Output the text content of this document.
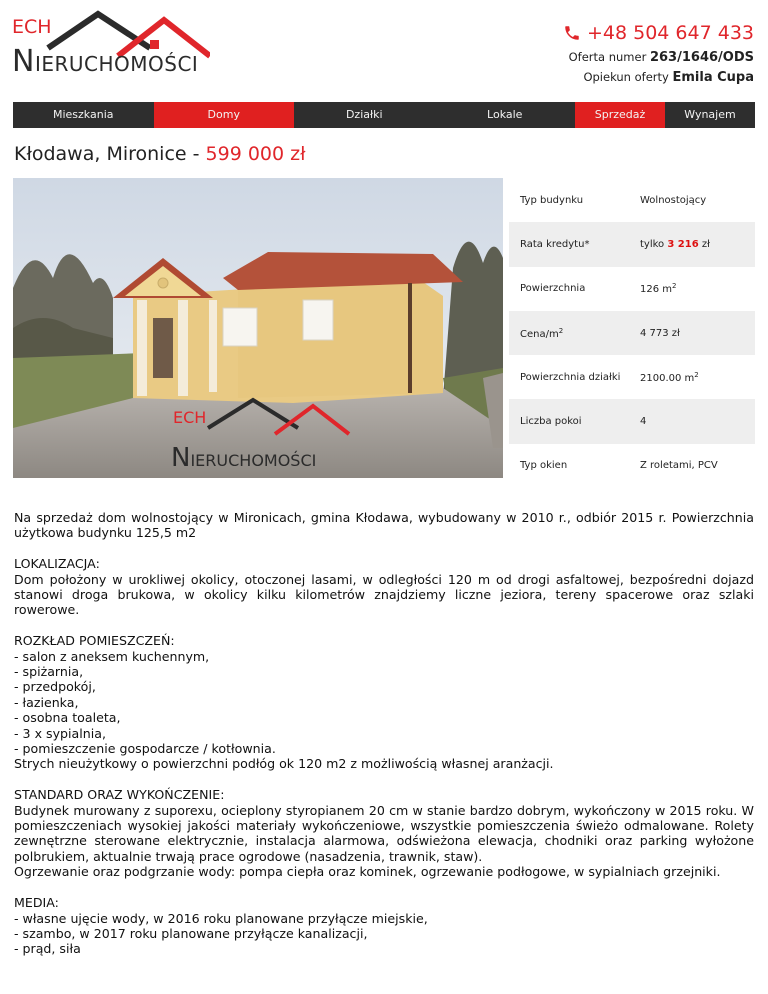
ECH
NIERUCHOMOŚCI
+48 504 647 433
Oferta numer 263/1646/ODS
Opiekun oferty Emila Cupa
Mieszkania	Domy	Działki	Lokale	Sprzedaż	Wynajem
Kłodawa, Mironice - 599 000 zł
ECH
NIERUCHOMOŚCI
Typ budynku	Wolnostojący
Rata kredytu*	tylko 3 216 zł
Powierzchnia	126 $m^2$
Cena/$m^2$	4 773 zł
Powierzchnia działki	2100.00 $m^2$
Liczba pokoi	4
Typ okien	Z roletami, PCV

Na sprzedaż dom wolnostojący w Mironicach, gmina Kłodawa, wybudowany w 2010 r., odbiór 2015 r. Powierzchnia użytkowa budynku 125,5 m2

LOKALIZACJA:
Dom położony w urokliwej okolicy, otoczonej lasami, w odległości 120 m od drogi asfaltowej, bezpośredni dojazd stanowi droga brukowa, w okolicy kilku kilometrów znajdziemy liczne jeziora, tereny spacerowe oraz szlaki rowerowe.

ROZKŁAD POMIESZCZEŃ:
- salon z aneksem kuchennym,
- spiżarnia,
- przedpokój,
- łazienka,
- osobna toaleta,
- 3 x sypialnia,
- pomieszczenie gospodarcze / kotłownia.
Strych nieużytkowy o powierzchni podłóg ok 120 m2 z możliwością własnej aranżacji.

STANDARD ORAZ WYKOŃCZENIE:
Budynek murowany z suporexu, ocieplony styropianem 20 cm w stanie bardzo dobrym, wykończony w 2015 roku. W pomieszczeniach wysokiej jakości materiały wykończeniowe, wszystkie pomieszczenia świeżo odmalowane. Rolety zewnętrzne sterowane elektrycznie, instalacja alarmowa, odświeżona elewacja, chodniki oraz parking wyłożone polbrukiem, aktualnie trwają prace ogrodowe (nasadzenia, trawnik, staw).
Ogrzewanie oraz podgrzanie wody: pompa ciepła oraz kominek, ogrzewanie podłogowe, w sypialniach grzejniki.

MEDIA:
- własne ujęcie wody, w 2016 roku planowane przyłącze miejskie,
- szambo, w 2017 roku planowane przyłącze kanalizacji,
- prąd, siła
